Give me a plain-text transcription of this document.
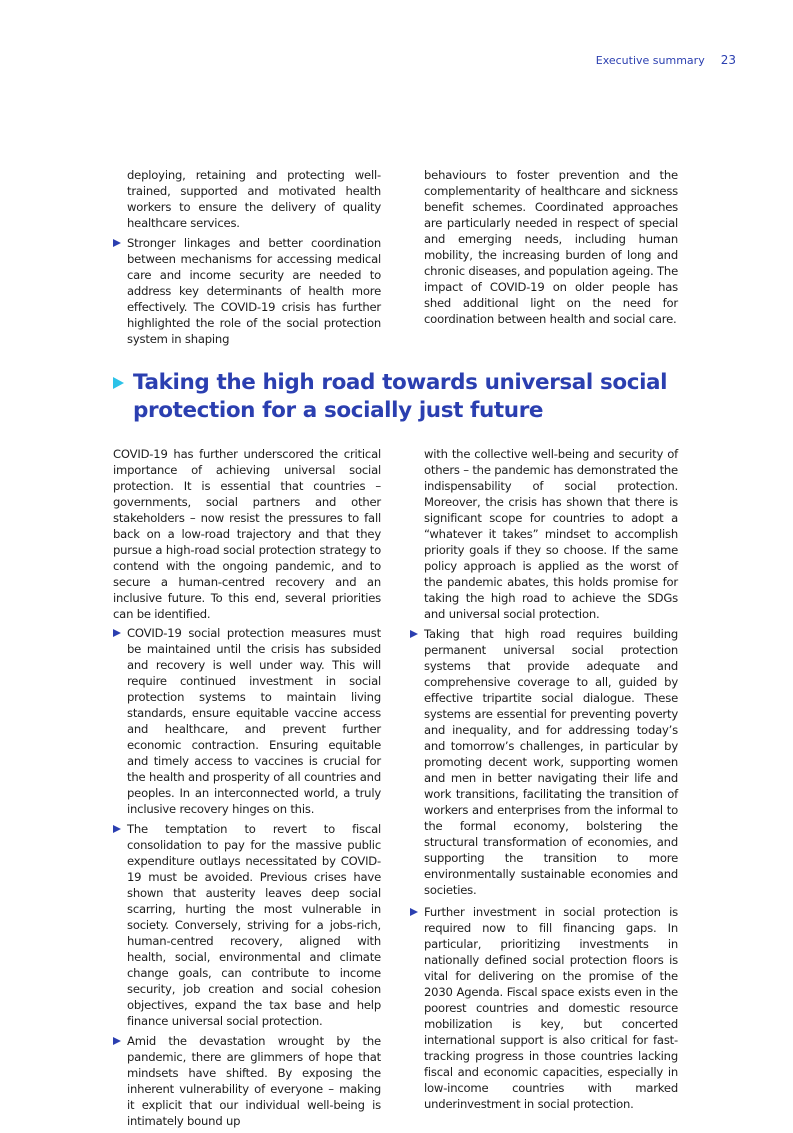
Executive summary 23

deploying, retaining and protecting well-trained, supported and motivated health workers to ensure the delivery of quality healthcare services.

Stronger linkages and better coordination between mechanisms for accessing medical care and income security are needed to address key determinants of health more effectively. The COVID-19 crisis has further highlighted the role of the social protection system in shaping

behaviours to foster prevention and the complementarity of healthcare and sickness benefit schemes. Coordinated approaches are particularly needed in respect of special and emerging needs, including human mobility, the increasing burden of long and chronic diseases, and population ageing. The impact of COVID-19 on older people has shed additional light on the need for coordination between health and social care.

Taking the high road towards universal social protection for a socially just future

COVID-19 has further underscored the critical importance of achieving universal social protection. It is essential that countries – governments, social partners and other stakeholders – now resist the pressures to fall back on a low-road trajectory and that they pursue a high-road social protection strategy to contend with the ongoing pandemic, and to secure a human-centred recovery and an inclusive future. To this end, several priorities can be identified.

COVID-19 social protection measures must be maintained until the crisis has subsided and recovery is well under way. This will require continued investment in social protection systems to maintain living standards, ensure equitable vaccine access and healthcare, and prevent further economic contraction. Ensuring equitable and timely access to vaccines is crucial for the health and prosperity of all countries and peoples. In an interconnected world, a truly inclusive recovery hinges on this.
The temptation to revert to fiscal consolidation to pay for the massive public expenditure outlays necessitated by COVID-19 must be avoided. Previous crises have shown that austerity leaves deep social scarring, hurting the most vulnerable in society. Conversely, striving for a jobs-rich, human-centred recovery, aligned with health, social, environmental and climate change goals, can contribute to income security, job creation and social cohesion objectives, expand the tax base and help finance universal social protection.
Amid the devastation wrought by the pandemic, there are glimmers of hope that mindsets have shifted. By exposing the inherent vulnerability of everyone – making it explicit that our individual well-being is intimately bound up

with the collective well-being and security of others – the pandemic has demonstrated the indispensability of social protection. Moreover, the crisis has shown that there is significant scope for countries to adopt a “whatever it takes” mindset to accomplish priority goals if they so choose. If the same policy approach is applied as the worst of the pandemic abates, this holds promise for taking the high road to achieve the SDGs and universal social protection.

Taking that high road requires building permanent universal social protection systems that provide adequate and comprehensive coverage to all, guided by effective tripartite social dialogue. These systems are essential for preventing poverty and inequality, and for addressing today’s and tomorrow’s challenges, in particular by promoting decent work, supporting women and men in better navigating their life and work transitions, facilitating the transition of workers and enterprises from the informal to the formal economy, bolstering the structural transformation of economies, and supporting the transition to more environmentally sustainable economies and societies.
Further investment in social protection is required now to fill financing gaps. In particular, prioritizing investments in nationally defined social protection floors is vital for delivering on the promise of the 2030 Agenda. Fiscal space exists even in the poorest countries and domestic resource mobilization is key, but concerted international support is also critical for fast-tracking progress in those countries lacking fiscal and economic capacities, especially in low-income countries with marked underinvestment in social protection.
